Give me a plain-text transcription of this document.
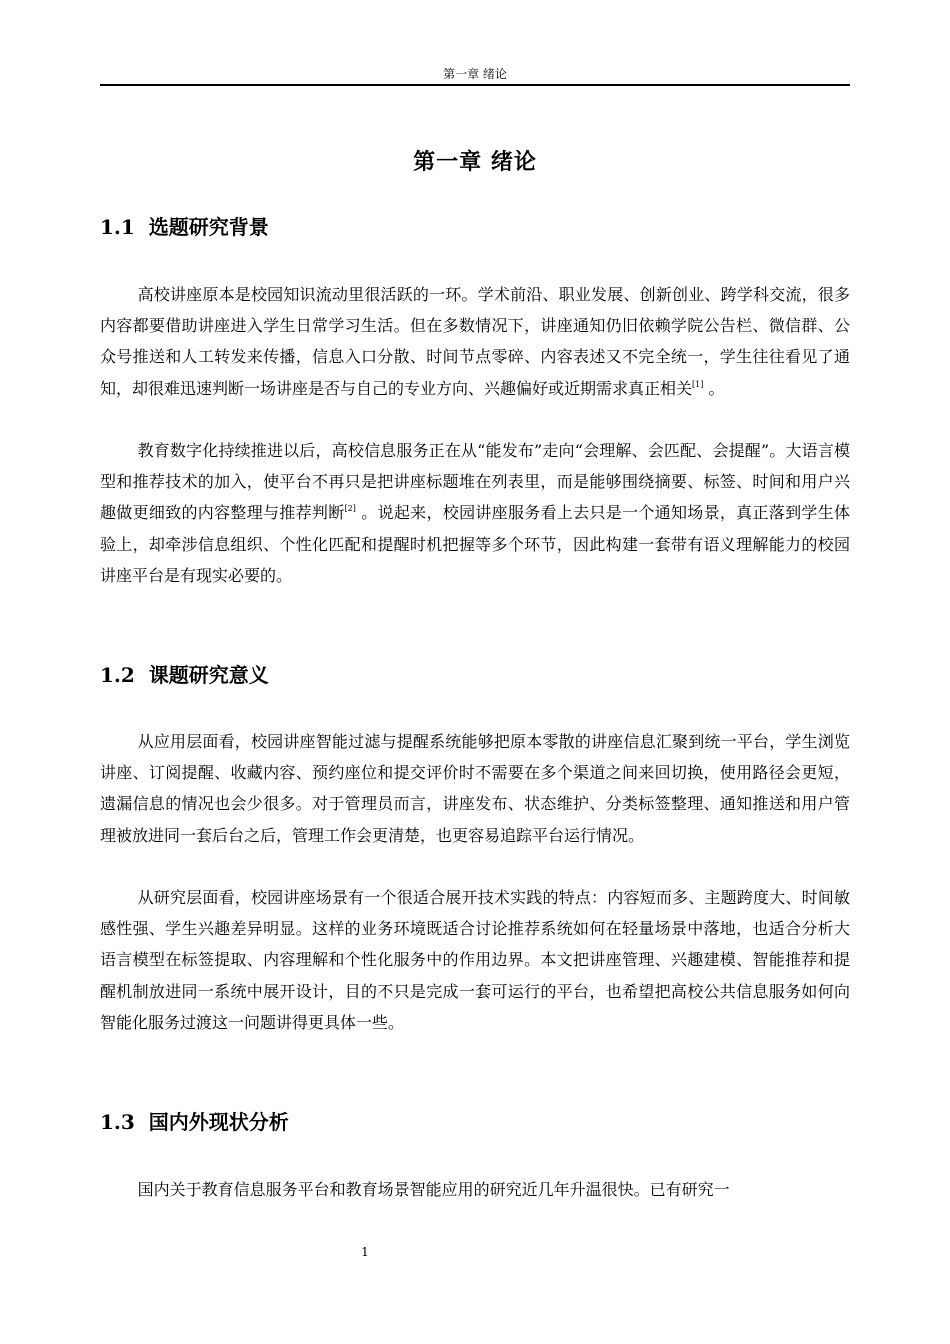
第一章 绪论
第一章 绪论
1.1 选题研究背景

高校讲座原本是校园知识流动里很活跃的一环。学术前沿、职业发展、创新创业、跨学科交流，很多内容都要借助讲座进入学生日常学习生活。但在多数情况下，讲座通知仍旧依赖学院公告栏、微信群、公众号推送和人工转发来传播，信息入口分散、时间节点零碎、内容表述又不完全统一，学生往往看见了通知，却很难迅速判断一场讲座是否与自己的专业方向、兴趣偏好或近期需求真正相关[1] 。

教育数字化持续推进以后，高校信息服务正在从“能发布”走向“会理解、会匹配、会提醒”。大语言模型和推荐技术的加入，使平台不再只是把讲座标题堆在列表里，而是能够围绕摘要、标签、时间和用户兴趣做更细致的内容整理与推荐判断[2] 。说起来，校园讲座服务看上去只是一个通知场景，真正落到学生体验上，却牵涉信息组织、个性化匹配和提醒时机把握等多个环节，因此构建一套带有语义理解能力的校园讲座平台是有现实必要的。

1.2 课题研究意义

从应用层面看，校园讲座智能过滤与提醒系统能够把原本零散的讲座信息汇聚到统一平台，学生浏览讲座、订阅提醒、收藏内容、预约座位和提交评价时不需要在多个渠道之间来回切换，使用路径会更短，遗漏信息的情况也会少很多。对于管理员而言，讲座发布、状态维护、分类标签整理、通知推送和用户管理被放进同一套后台之后，管理工作会更清楚，也更容易追踪平台运行情况。

从研究层面看，校园讲座场景有一个很适合展开技术实践的特点：内容短而多、主题跨度大、时间敏感性强、学生兴趣差异明显。这样的业务环境既适合讨论推荐系统如何在轻量场景中落地，也适合分析大语言模型在标签提取、内容理解和个性化服务中的作用边界。本文把讲座管理、兴趣建模、智能推荐和提醒机制放进同一系统中展开设计，目的不只是完成一套可运行的平台，也希望把高校公共信息服务如何向智能化服务过渡这一问题讲得更具体一些。

1.3 国内外现状分析

国内关于教育信息服务平台和教育场景智能应用的研究近几年升温很快。已有研究一

1
